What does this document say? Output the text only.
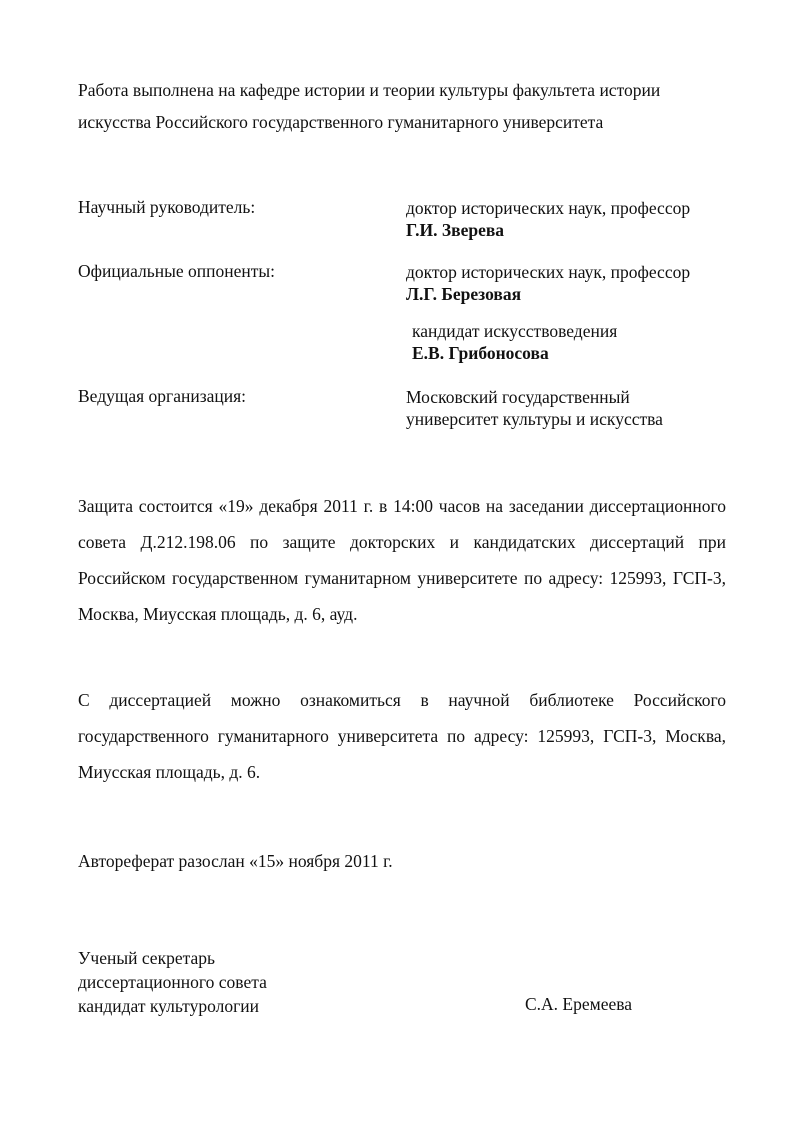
Работа выполнена на кафедре истории и теории культуры факультета истории
искусства Российского государственного гуманитарного университета
Научный руководитель:	доктор исторических наук, профессор
Г.И. Зверева
Официальные оппоненты:	доктор исторических наук, профессор
Л.Г. Березовая
кандидат искусствоведения
Е.В. Грибоносова
Ведущая организация:	Московский государственный
университет культуры и искусства
Защита состоится «19» декабря 2011 г. в 14:00 часов на заседании диссертационного совета Д.212.198.06 по защите докторских и кандидатских диссертаций при Российском государственном гуманитарном университете по адресу: 125993, ГСП-3, Москва, Миусская площадь, д. 6, ауд.
С диссертацией можно ознакомиться в научной библиотеке Российского государственного гуманитарного университета по адресу: 125993, ГСП-3, Москва, Миусская площадь, д. 6.
Автореферат разослан «15» ноября 2011 г.
Ученый секретарь
диссертационного совета
кандидат культурологии	С.А. Еремеева
